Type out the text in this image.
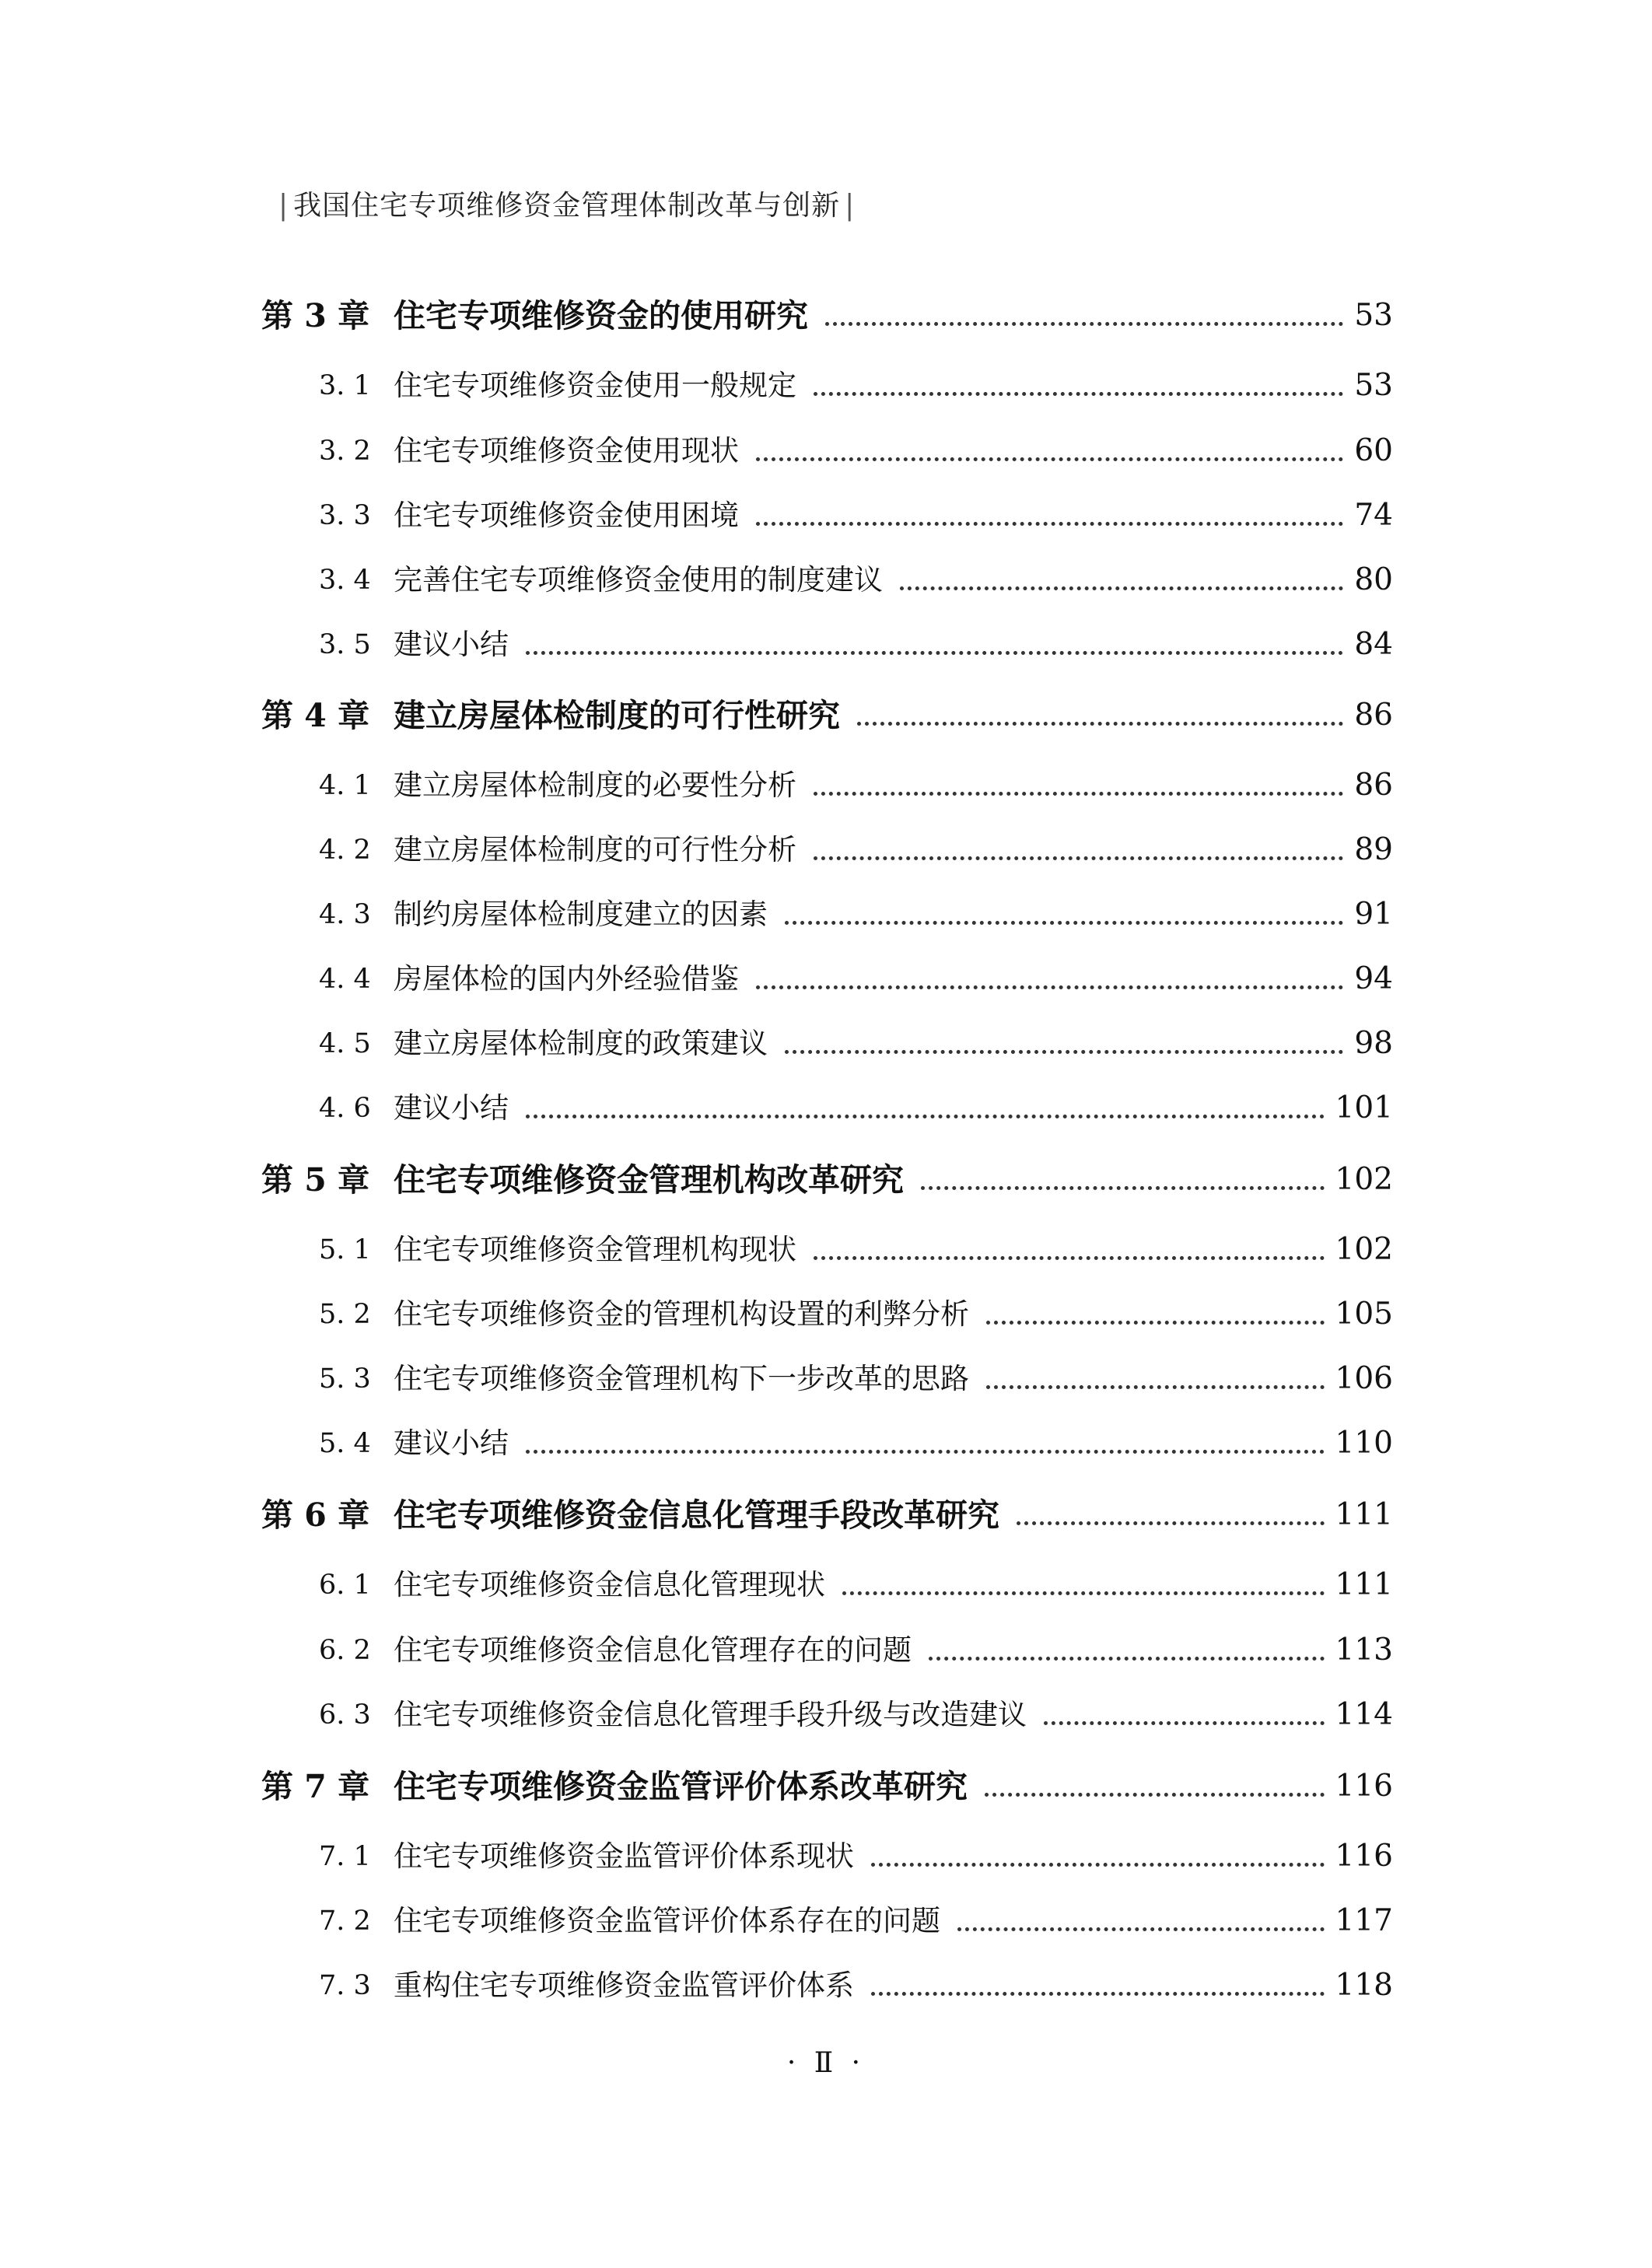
| 我国住宅专项维修资金管理体制改革与创新 |
第 3 章 住宅专项维修资金的使用研究	53
3. 1 住宅专项维修资金使用一般规定	53
3. 2 住宅专项维修资金使用现状	60
3. 3 住宅专项维修资金使用困境	74
3. 4 完善住宅专项维修资金使用的制度建议	80
3. 5 建议小结	84
第 4 章 建立房屋体检制度的可行性研究	86
4. 1 建立房屋体检制度的必要性分析	86
4. 2 建立房屋体检制度的可行性分析	89
4. 3 制约房屋体检制度建立的因素	91
4. 4 房屋体检的国内外经验借鉴	94
4. 5 建立房屋体检制度的政策建议	98
4. 6 建议小结	101
第 5 章 住宅专项维修资金管理机构改革研究	102
5. 1 住宅专项维修资金管理机构现状	102
5. 2 住宅专项维修资金的管理机构设置的利弊分析	105
5. 3 住宅专项维修资金管理机构下一步改革的思路	106
5. 4 建议小结	110
第 6 章 住宅专项维修资金信息化管理手段改革研究	111
6. 1 住宅专项维修资金信息化管理现状	111
6. 2 住宅专项维修资金信息化管理存在的问题	113
6. 3 住宅专项维修资金信息化管理手段升级与改造建议	114
第 7 章 住宅专项维修资金监管评价体系改革研究	116
7. 1 住宅专项维修资金监管评价体系现状	116
7. 2 住宅专项维修资金监管评价体系存在的问题	117
7. 3 重构住宅专项维修资金监管评价体系	118
· Ⅱ ·
